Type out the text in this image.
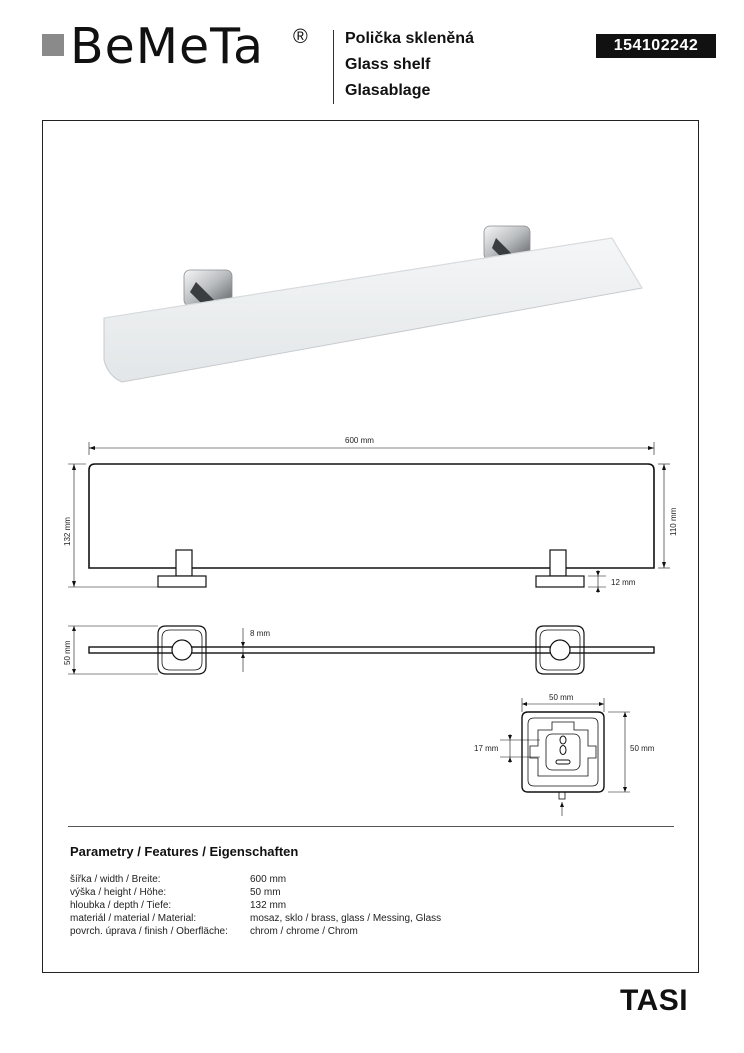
BeMeTa ® Polička skleněná
Glass shelf
Glasablage
154102242
600 mm
132 mm	110 mm
12 mm
50 mm
8 mm
50 mm
50 mm
17 mm
Parametry / Features / Eigenschaften
šířka / width / Breite:	600 mm
výška / height / Höhe:	50 mm
hloubka / depth / Tiefe:	132 mm
materiál / material / Material:	mosaz, sklo / brass, glass / Messing, Glass
povrch. úprava / finish / Oberfläche: chrom / chrome / Chrom
TASI
